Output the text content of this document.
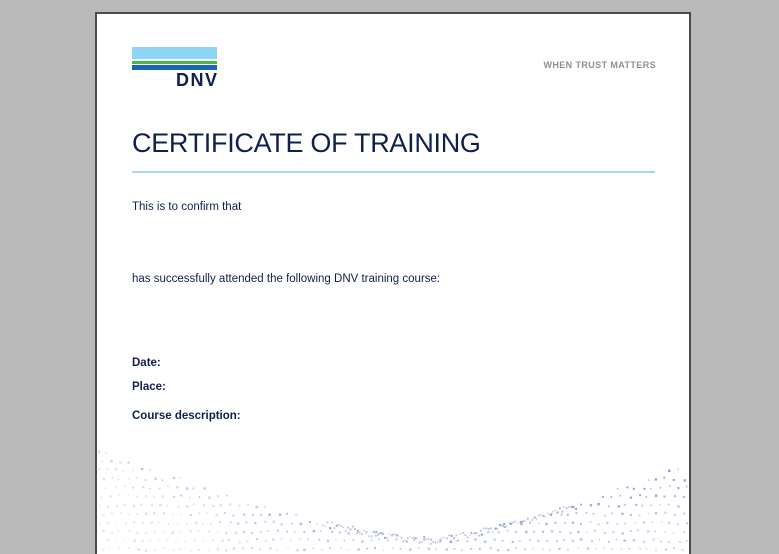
DNV
WHEN TRUST MATTERS
CERTIFICATE OF TRAINING
This is to confirm that
has successfully attended the following DNV training course:
Date:
Place:
Course description:
